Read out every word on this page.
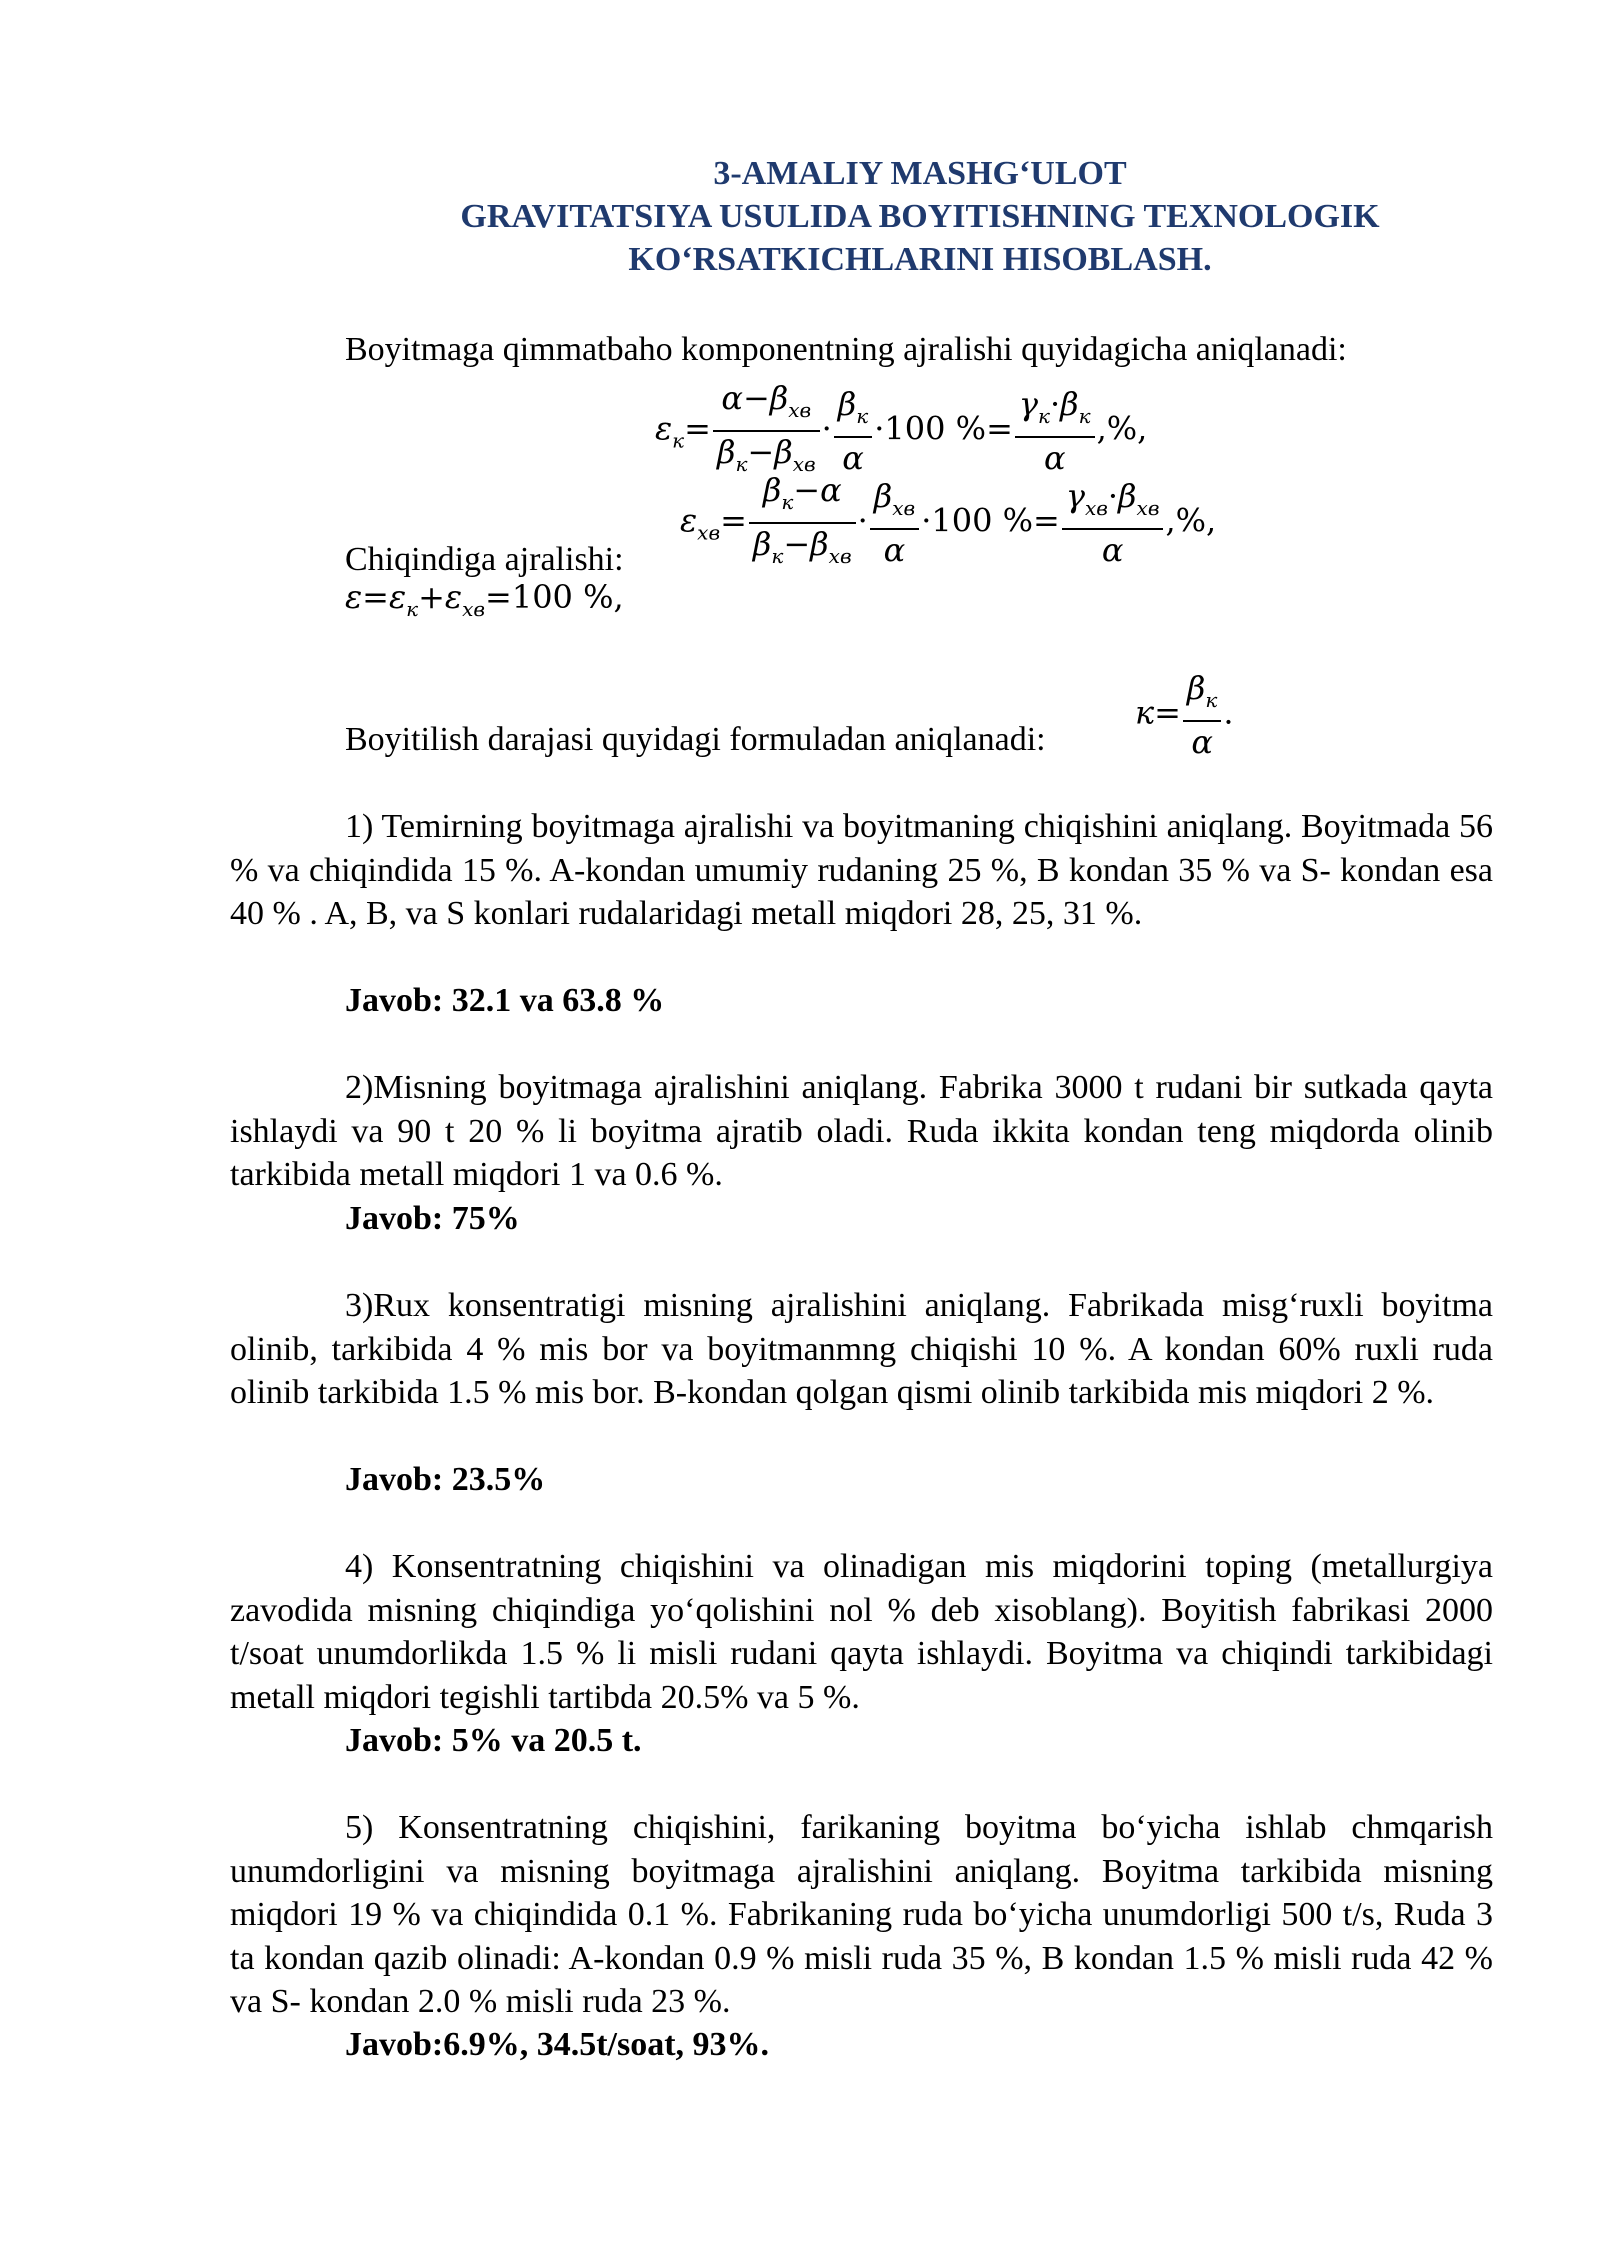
3-AMALIY MASHG‘ULOT
GRAVITATSIYA USULIDA BOYITISHNING TEXNOLOGIK
KO‘RSATKICHLARINI HISOBLASH.
Boyitmaga qimmatbaho komponentning ajralishi quyidagicha aniqlanadi:
$\varepsilon_к= \frac{\alpha-\beta_{хв}}{\beta_к-\beta_{хв}} \cdot \frac{\beta_к}{\alpha} \cdot 100$ %= $\frac{\gamma_к\cdot\beta_к}{\alpha}$ ,%,
$\varepsilon_{хв}= \frac{\beta_к-\alpha}{\beta_к-\beta_{хв}} \cdot \frac{\beta_{хв}}{\alpha} \cdot 100$ %= $\frac{\gamma_{хв}\cdot\beta_{хв}}{\alpha}$ ,%,
Chiqindiga ajralishi:
$\varepsilon=\varepsilon_к+\varepsilon_{хв}=100$ %,
Boyitilish darajasi quyidagi formuladan aniqlanadi:
$к= \frac{\beta_к}{\alpha}$ .
1) Temirning boyitmaga ajralishi va boyitmaning chiqishini aniqlang. Boyitmada 56 % va chiqindida 15 %. A-kondan umumiy rudaning 25 %, B kondan 35 % va S- kondan esa 40 % . A, B, va S konlari rudalaridagi metall miqdori 28, 25, 31 %.
Javob: 32.1 va 63.8 %
2)Misning boyitmaga ajralishini aniqlang. Fabrika 3000 t rudani bir sutkada qayta ishlaydi va 90 t 20 % li boyitma ajratib oladi. Ruda ikkita kondan teng miqdorda olinib tarkibida metall miqdori 1 va 0.6 %.
Javob: 75%
3)Rux konsentratigi misning ajralishini aniqlang. Fabrikada misg‘ruxli boyitma olinib, tarkibida 4 % mis bor va boyitmanmng chiqishi 10 %. A kondan 60% ruxli ruda olinib tarkibida 1.5 % mis bor. B-kondan qolgan qismi olinib tarkibida mis miqdori 2 %.
Javob: 23.5%
4) Konsentratning chiqishini va olinadigan mis miqdorini toping (metallurgiya zavodida misning chiqindiga yo‘qolishini nol % deb xisoblang). Boyitish fabrikasi 2000 t/soat unumdorlikda 1.5 % li misli rudani qayta ishlaydi. Boyitma va chiqindi tarkibidagi metall miqdori tegishli tartibda 20.5% va 5 %.
Javob: 5% va 20.5 t.
5) Konsentratning chiqishini, farikaning boyitma bo‘yicha ishlab chmqarish unumdorligini va misning boyitmaga ajralishini aniqlang. Boyitma tarkibida misning miqdori 19 % va chiqindida 0.1 %. Fabrikaning ruda bo‘yicha unumdorligi 500 t/s, Ruda 3 ta kondan qazib olinadi: A-kondan 0.9 % misli ruda 35 %, B kondan 1.5 % misli ruda 42 % va S- kondan 2.0 % misli ruda 23 %.
Javob:6.9%, 34.5t/soat, 93%.
